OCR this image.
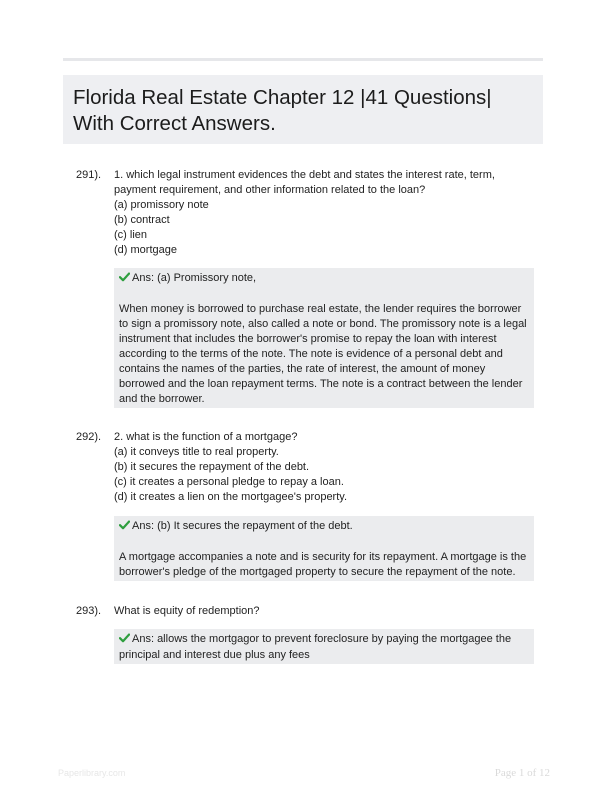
Florida Real Estate Chapter 12 |41 Questions|
With Correct Answers.
291). 1. which legal instrument evidences the debt and states the interest rate, term, payment requirement, and other information related to the loan?
(a) promissory note
(b) contract
(c) lien
(d) mortgage

Ans: (a) Promissory note,

When money is borrowed to purchase real estate, the lender requires the borrower to sign a promissory note, also called a note or bond. The promissory note is a legal instrument that includes the borrower's promise to repay the loan with interest according to the terms of the note. The note is evidence of a personal debt and contains the names of the parties, the rate of interest, the amount of money borrowed and the loan repayment terms. The note is a contract between the lender and the borrower.

292). 2. what is the function of a mortgage?
(a) it conveys title to real property.
(b) it secures the repayment of the debt.
(c) it creates a personal pledge to repay a loan.
(d) it creates a lien on the mortgagee's property.

Ans: (b) It secures the repayment of the debt.

A mortgage accompanies a note and is security for its repayment. A mortgage is the borrower's pledge of the mortgaged property to secure the repayment of the note.

293). What is equity of redemption?

Ans: allows the mortgagor to prevent foreclosure by paying the mortgagee the principal and interest due plus any fees

Paperlibrary.com	Page 1 of 12
